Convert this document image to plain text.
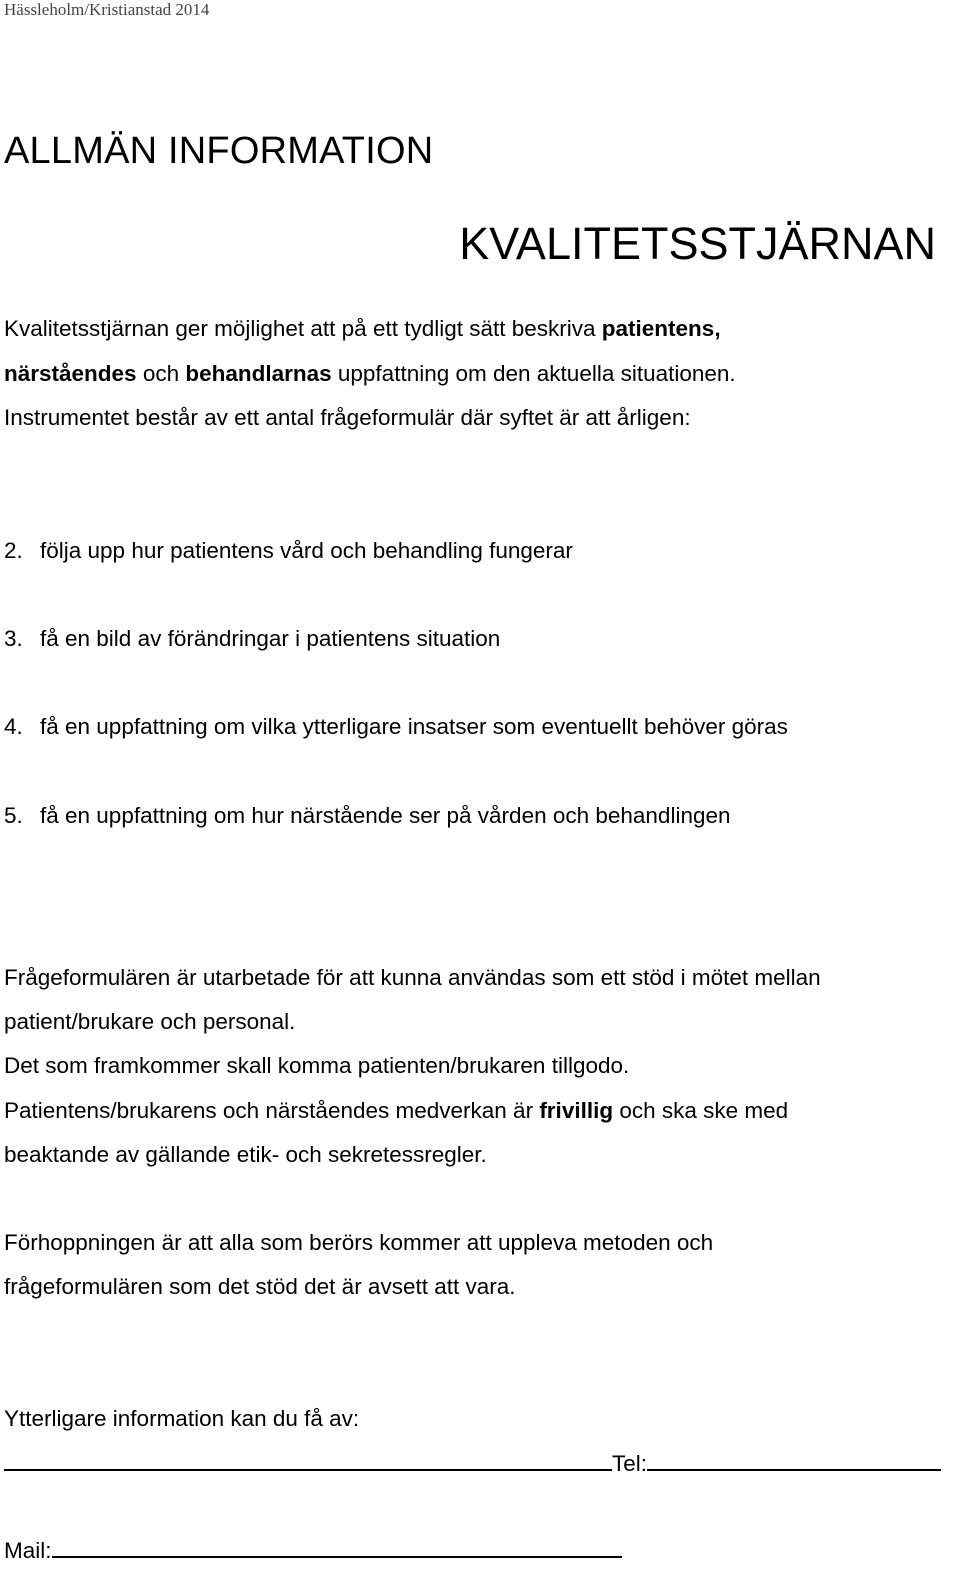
Hässleholm/Kristianstad 2014
ALLMÄN INFORMATION
KVALITETSSTJÄRNAN
Kvalitetsstjärnan ger möjlighet att på ett tydligt sätt beskriva patientens,
närståendes och behandlarnas uppfattning om den aktuella situationen.
Instrumentet består av ett antal frågeformulär där syftet är att årligen:
2. följa upp hur patientens vård och behandling fungerar
3. få en bild av förändringar i patientens situation
4. få en uppfattning om vilka ytterligare insatser som eventuellt behöver göras
5. få en uppfattning om hur närstående ser på vården och behandlingen
Frågeformulären är utarbetade för att kunna användas som ett stöd i mötet mellan
patient/brukare och personal.
Det som framkommer skall komma patienten/brukaren tillgodo.
Patientens/brukarens och närståendes medverkan är frivillig och ska ske med
beaktande av gällande etik- och sekretessregler.
Förhoppningen är att alla som berörs kommer att uppleva metoden och
frågeformulären som det stöd det är avsett att vara.
Ytterligare information kan du få av:
Tel:
Mail:
